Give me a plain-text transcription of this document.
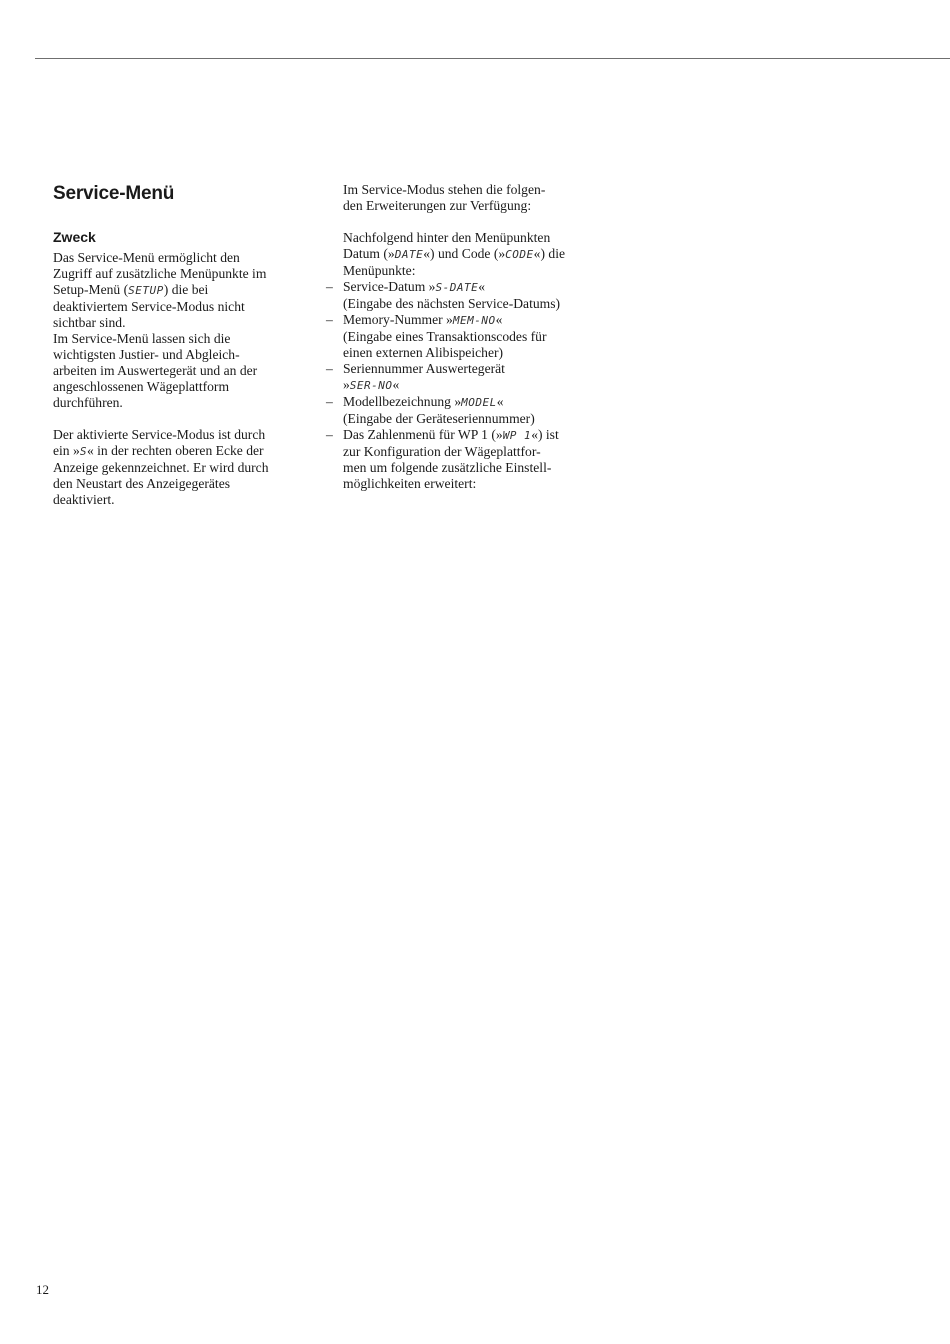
Service-Menü
Zweck
Das Service-Menü ermöglicht den
Zugriff auf zusätzliche Menüpunkte im
Setup-Menü (SETUP) die bei
deaktiviertem Service-Modus nicht
sichtbar sind.
Im Service-Menü lassen sich die
wichtigsten Justier- und Abgleich-
arbeiten im Auswertegerät und an der
angeschlossenen Wägeplattform
durchführen.
Der aktivierte Service-Modus ist durch
ein »S« in der rechten oberen Ecke der
Anzeige gekennzeichnet. Er wird durch
den Neustart des Anzeigegerätes
deaktiviert.
Im Service-Modus stehen die folgen-
den Erweiterungen zur Verfügung:
Nachfolgend hinter den Menüpunkten
Datum (»DATE«) und Code (»CODE«) die
Menüpunkte:
– Service-Datum »S-DATE«
(Eingabe des nächsten Service-Datums)
– Memory-Nummer »MEM-NO«
(Eingabe eines Transaktionscodes für
einen externen Alibispeicher)
– Seriennummer Auswertegerät
»SER-NO«
– Modellbezeichnung »MODEL«
(Eingabe der Geräteseriennummer)
– Das Zahlenmenü für WP 1 (»WP 1«) ist
zur Konfiguration der Wägeplattfor-
men um folgende zusätzliche Einstell-
möglichkeiten erweitert:
12
